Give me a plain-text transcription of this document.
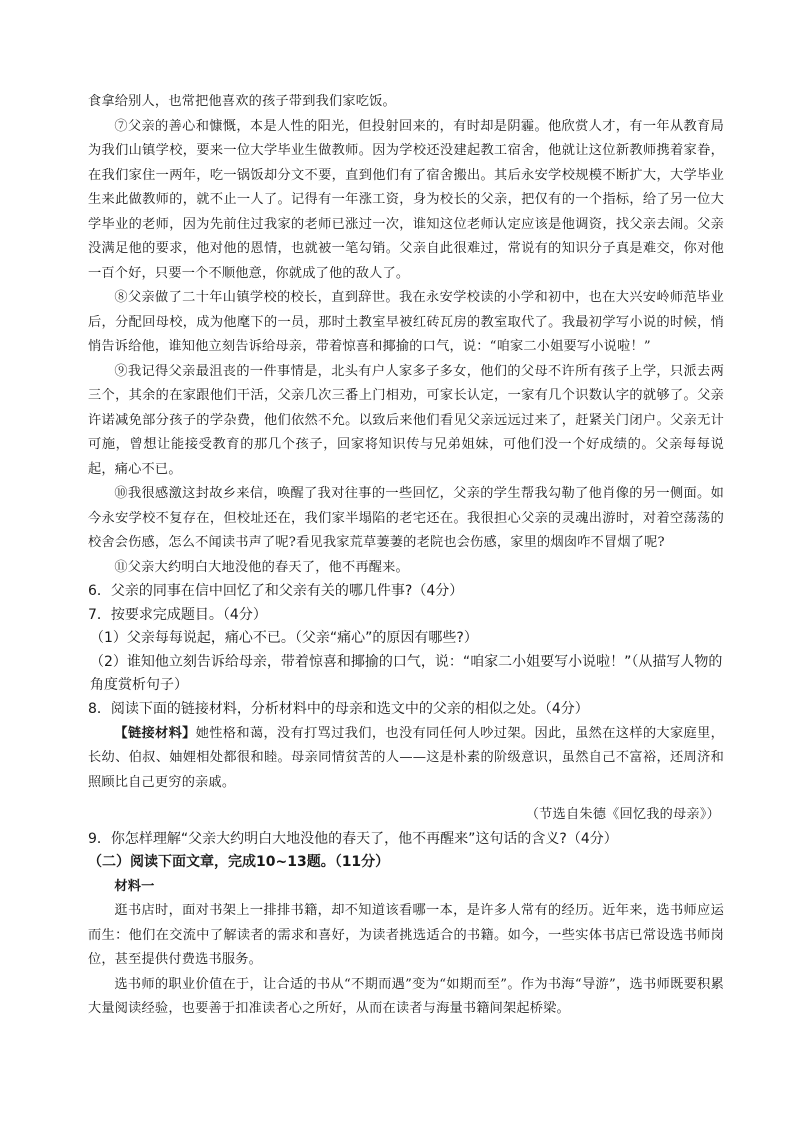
食拿给别人，也常把他喜欢的孩子带到我们家吃饭。

⑦父亲的善心和慷慨，本是人性的阳光，但投射回来的，有时却是阴霾。他欣赏人才，有一年从教育局为我们山镇学校，要来一位大学毕业生做教师。因为学校还没建起教工宿舍，他就让这位新教师携着家眷，在我们家住一两年，吃一锅饭却分文不要，直到他们有了宿舍搬出。其后永安学校规模不断扩大，大学毕业生来此做教师的，就不止一人了。记得有一年涨工资，身为校长的父亲，把仅有的一个指标，给了另一位大学毕业的老师，因为先前住过我家的老师已涨过一次，谁知这位老师认定应该是他调资，找父亲去闹。父亲没满足他的要求，他对他的恩情，也就被一笔勾销。父亲自此很难过，常说有的知识分子真是难交，你对他一百个好，只要一个不顺他意，你就成了他的敌人了。

⑧父亲做了二十年山镇学校的校长，直到辞世。我在永安学校读的小学和初中，也在大兴安岭师范毕业后，分配回母校，成为他麾下的一员，那时土教室早被红砖瓦房的教室取代了。我最初学写小说的时候，悄悄告诉给他，谁知他立刻告诉给母亲，带着惊喜和揶揄的口气，说：“咱家二小姐要写小说啦！”

⑨我记得父亲最沮丧的一件事情是，北头有户人家多子多女，他们的父母不许所有孩子上学，只派去两三个，其余的在家跟他们干活，父亲几次三番上门相劝，可家长认定，一家有几个识数认字的就够了。父亲许诺减免部分孩子的学杂费，他们依然不允。以致后来他们看见父亲远远过来了，赶紧关门闭户。父亲无计可施，曾想让能接受教育的那几个孩子，回家将知识传与兄弟姐妹，可他们没一个好成绩的。父亲每每说起，痛心不已。

⑩我很感激这封故乡来信，唤醒了我对往事的一些回忆，父亲的学生帮我勾勒了他肖像的另一侧面。如今永安学校不复存在，但校址还在，我们家半塌陷的老宅还在。我很担心父亲的灵魂出游时，对着空荡荡的校舍会伤感，怎么不闻读书声了呢?看见我家荒草萋萋的老院也会伤感，家里的烟囱咋不冒烟了呢?

⑪父亲大约明白大地没他的春天了，他不再醒来。

6．父亲的同事在信中回忆了和父亲有关的哪几件事?（4分）

7．按要求完成题目。（4分）

（1）父亲每每说起，痛心不已。（父亲“痛心”的原因有哪些?）

（2）谁知他立刻告诉给母亲，带着惊喜和揶揄的口气，说：“咱家二小姐要写小说啦！”（从描写人物的角度赏析句子）

8．阅读下面的链接材料，分析材料中的母亲和选文中的父亲的相似之处。（4分）

【链接材料】她性格和蔼，没有打骂过我们，也没有同任何人吵过架。因此，虽然在这样的大家庭里，长幼、伯叔、妯娌相处都很和睦。母亲同情贫苦的人——这是朴素的阶级意识，虽然自己不富裕，还周济和照顾比自己更穷的亲戚。

（节选自朱德《回忆我的母亲》）

9．你怎样理解“父亲大约明白大地没他的春天了，他不再醒来”这句话的含义?（4分）

（二）阅读下面文章，完成10~13题。（11分）

材料一

逛书店时，面对书架上一排排书籍，却不知道该看哪一本，是许多人常有的经历。近年来，选书师应运而生：他们在交流中了解读者的需求和喜好，为读者挑选适合的书籍。如今，一些实体书店已常设选书师岗位，甚至提供付费选书服务。

选书师的职业价值在于，让合适的书从“不期而遇”变为“如期而至”。作为书海“导游”，选书师既要积累大量阅读经验，也要善于扣准读者心之所好，从而在读者与海量书籍间架起桥梁。
